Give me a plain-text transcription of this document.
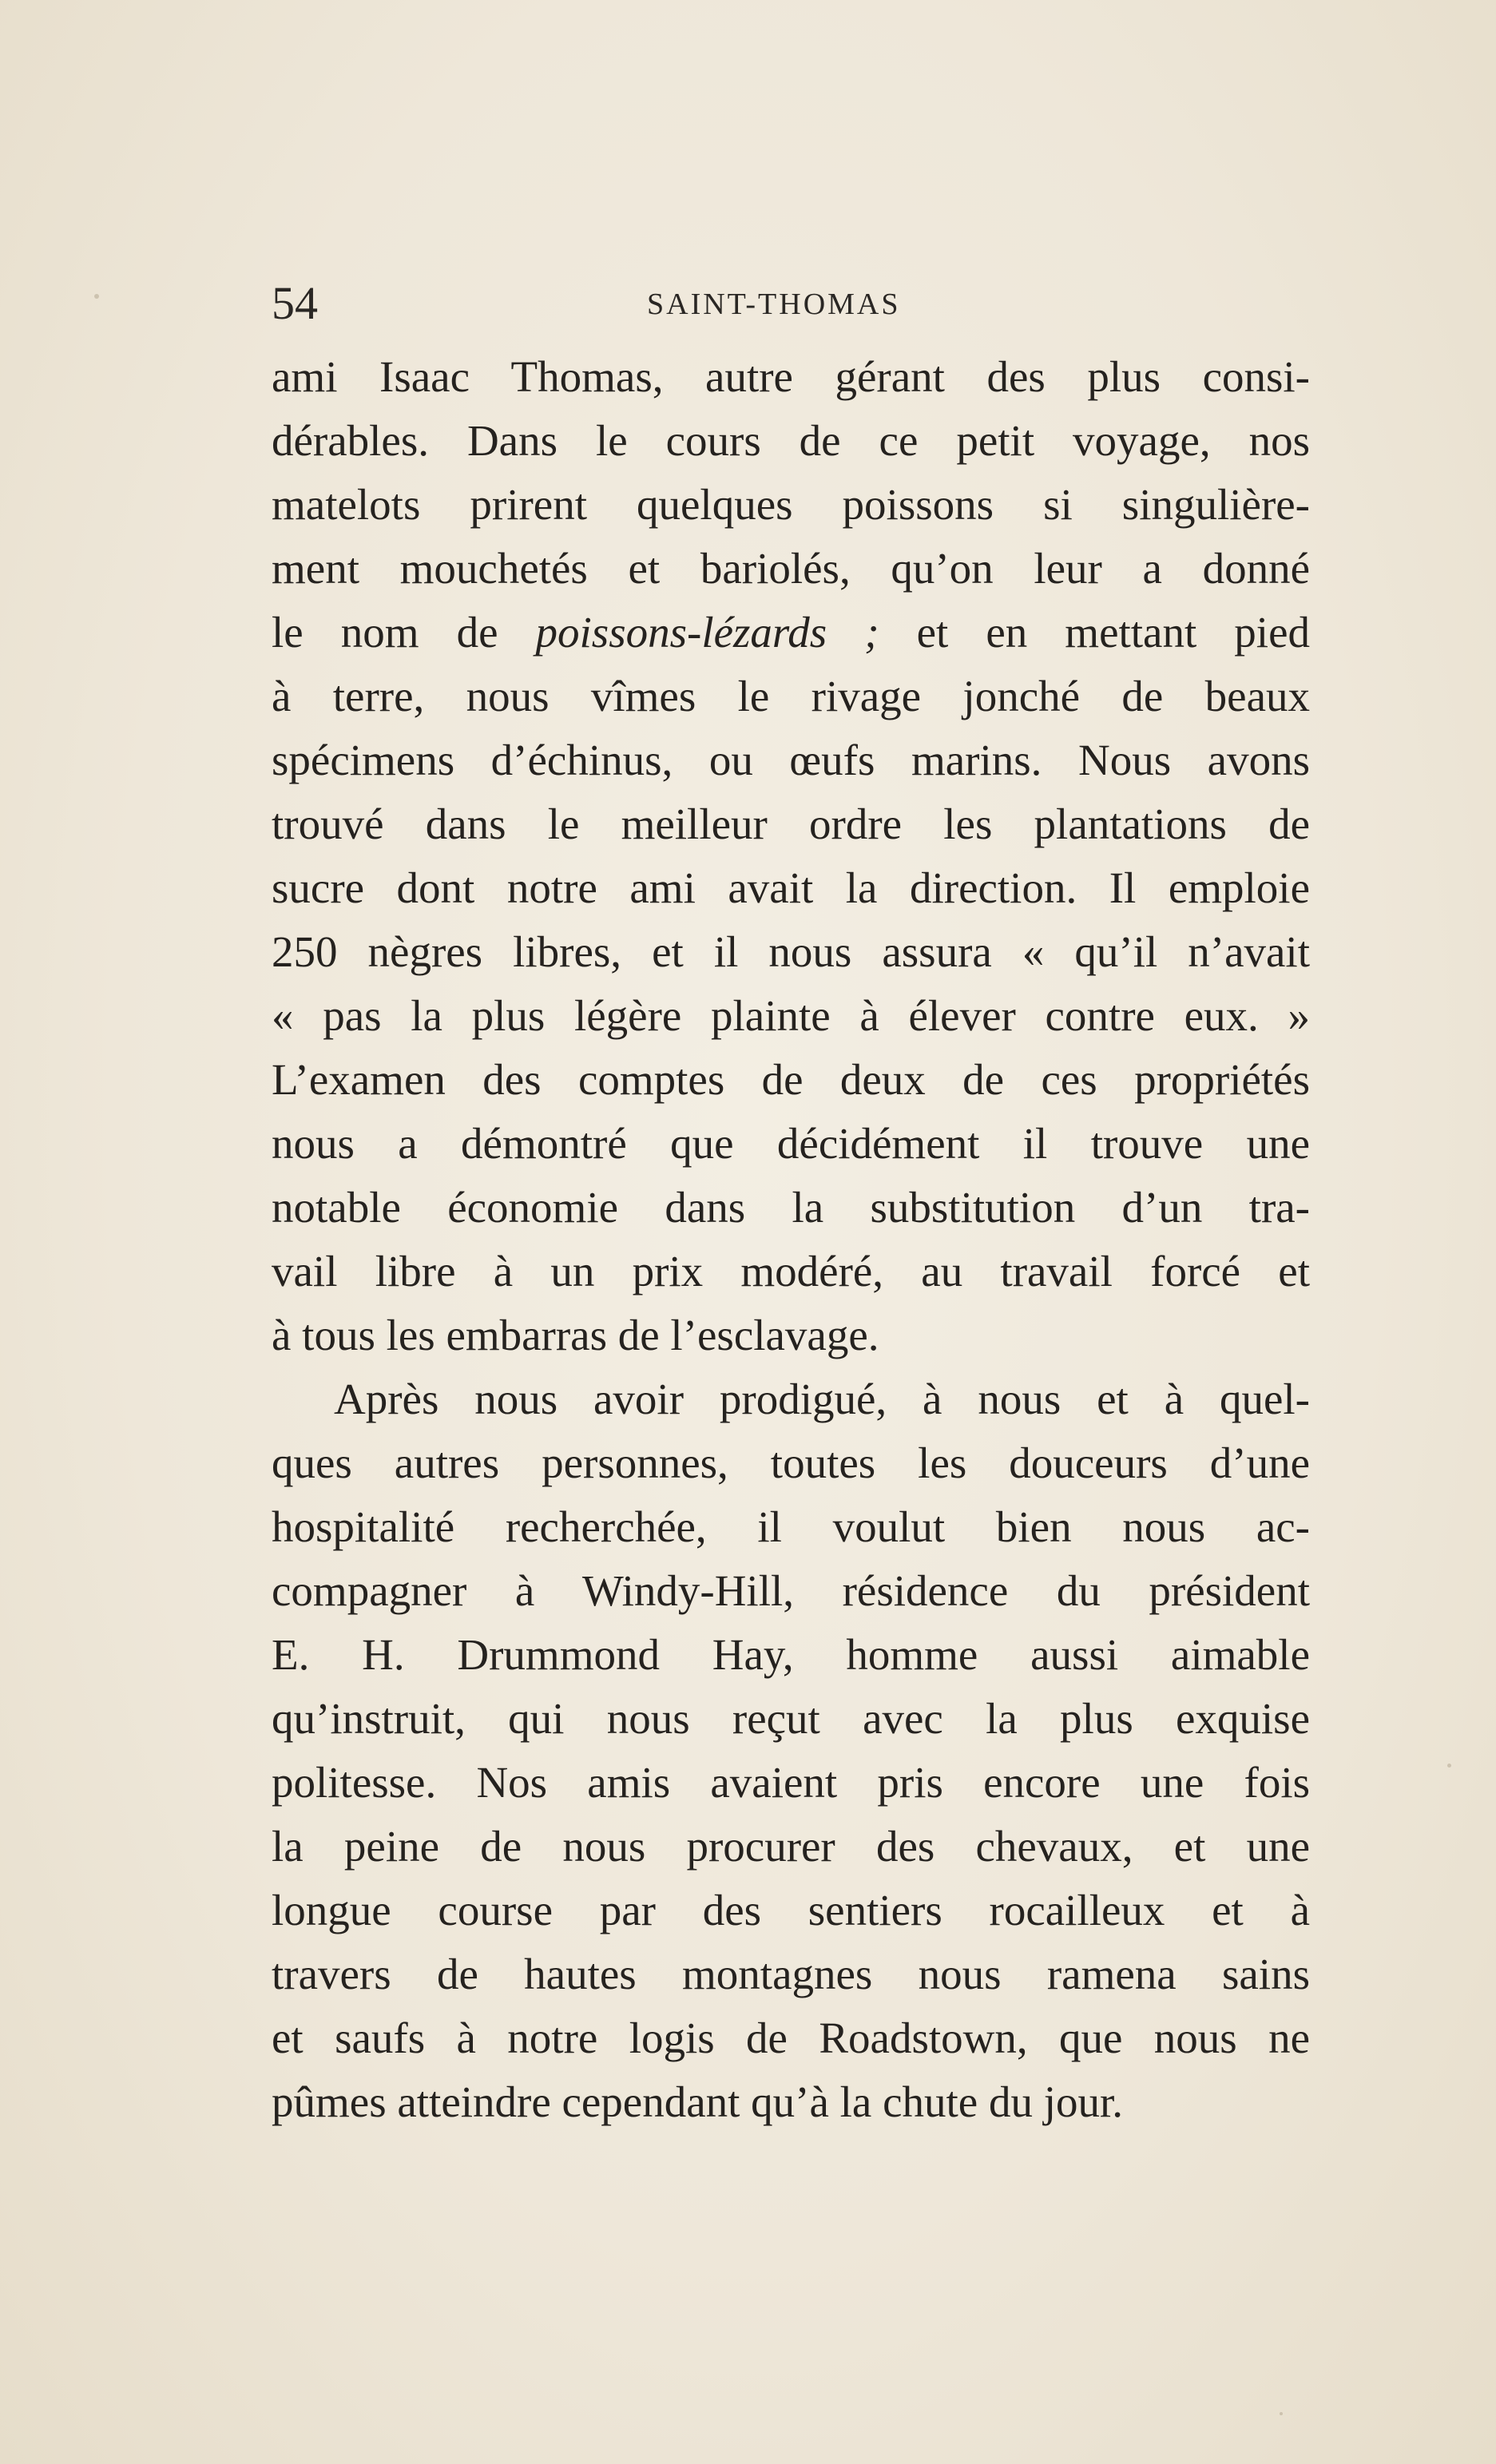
54	SAINT-THOMAS
ami Isaac Thomas, autre gérant des plus consi-
dérables. Dans le cours de ce petit voyage, nos
matelots prirent quelques poissons si singulière-
ment mouchetés et bariolés, qu’on leur a donné
le nom de poissons-lézards ; et en mettant pied
à terre, nous vîmes le rivage jonché de beaux
spécimens d’échinus, ou œufs marins. Nous avons
trouvé dans le meilleur ordre les plantations de
sucre dont notre ami avait la direction. Il emploie
250 nègres libres, et il nous assura « qu’il n’avait
« pas la plus légère plainte à élever contre eux. »
L’examen des comptes de deux de ces propriétés
nous a démontré que décidément il trouve une
notable économie dans la substitution d’un tra-
vail libre à un prix modéré, au travail forcé et
à tous les embarras de l’esclavage.
Après nous avoir prodigué, à nous et à quel-
ques autres personnes, toutes les douceurs d’une
hospitalité recherchée, il voulut bien nous ac-
compagner à Windy-Hill, résidence du président
E. H. Drummond Hay, homme aussi aimable
qu’instruit, qui nous reçut avec la plus exquise
politesse. Nos amis avaient pris encore une fois
la peine de nous procurer des chevaux, et une
longue course par des sentiers rocailleux et à
travers de hautes montagnes nous ramena sains
et saufs à notre logis de Roadstown, que nous ne
pûmes atteindre cependant qu’à la chute du jour.
